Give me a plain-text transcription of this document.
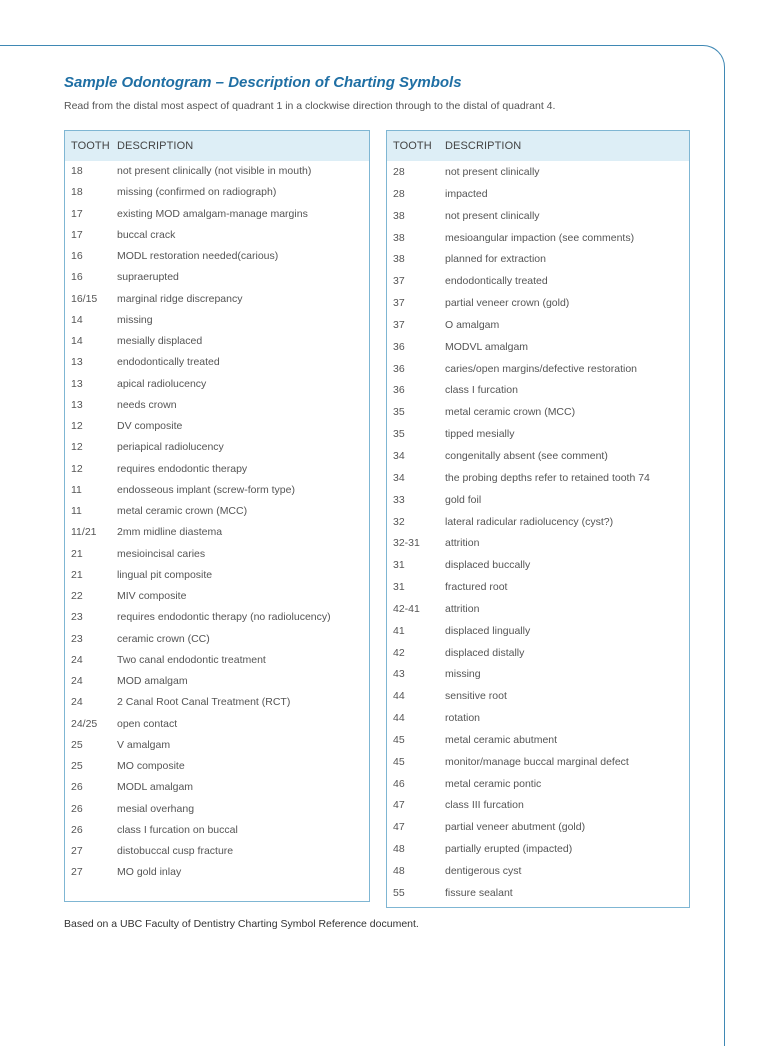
Sample Odontogram – Description of Charting Symbols
Read from the distal most aspect of quadrant 1 in a clockwise direction through to the distal of quadrant 4.
TOOTH DESCRIPTION
18	not present clinically (not visible in mouth)
18	missing (confirmed on radiograph)
17	existing MOD amalgam-manage margins
17	buccal crack
16	MODL restoration needed(carious)
16	supraerupted
16/15	marginal ridge discrepancy
14	missing
14	mesially displaced
13	endodontically treated
13	apical radiolucency
13	needs crown
12	DV composite
12	periapical radiolucency
12	requires endodontic therapy
11	endosseous implant (screw-form type)
11	metal ceramic crown (MCC)
11/21	2mm midline diastema
21	mesioincisal caries
21	lingual pit composite
22	MIV composite
23	requires endodontic therapy (no radiolucency)
23	ceramic crown (CC)
24	Two canal endodontic treatment
24	MOD amalgam
24	2 Canal Root Canal Treatment (RCT)
24/25	open contact
25	V amalgam
25	MO composite
26	MODL amalgam
26	mesial overhang
26	class I furcation on buccal
27	distobuccal cusp fracture
27	MO gold inlay
TOOTH	DESCRIPTION
28	not present clinically
28	impacted
38	not present clinically
38	mesioangular impaction (see comments)
38	planned for extraction
37	endodontically treated
37	partial veneer crown (gold)
37	O amalgam
36	MODVL amalgam
36	caries/open margins/defective restoration
36	class I furcation
35	metal ceramic crown (MCC)
35	tipped mesially
34	congenitally absent (see comment)
34	the probing depths refer to retained tooth 74
33	gold foil
32	lateral radicular radiolucency (cyst?)
32-31	attrition
31	displaced buccally
31	fractured root
42-41	attrition
41	displaced lingually
42	displaced distally
43	missing
44	sensitive root
44	rotation
45	metal ceramic abutment
45	monitor/manage buccal marginal defect
46	metal ceramic pontic
47	class III furcation
47	partial veneer abutment (gold)
48	partially erupted (impacted)
48	dentigerous cyst
55	fissure sealant
Based on a UBC Faculty of Dentistry Charting Symbol Reference document.
